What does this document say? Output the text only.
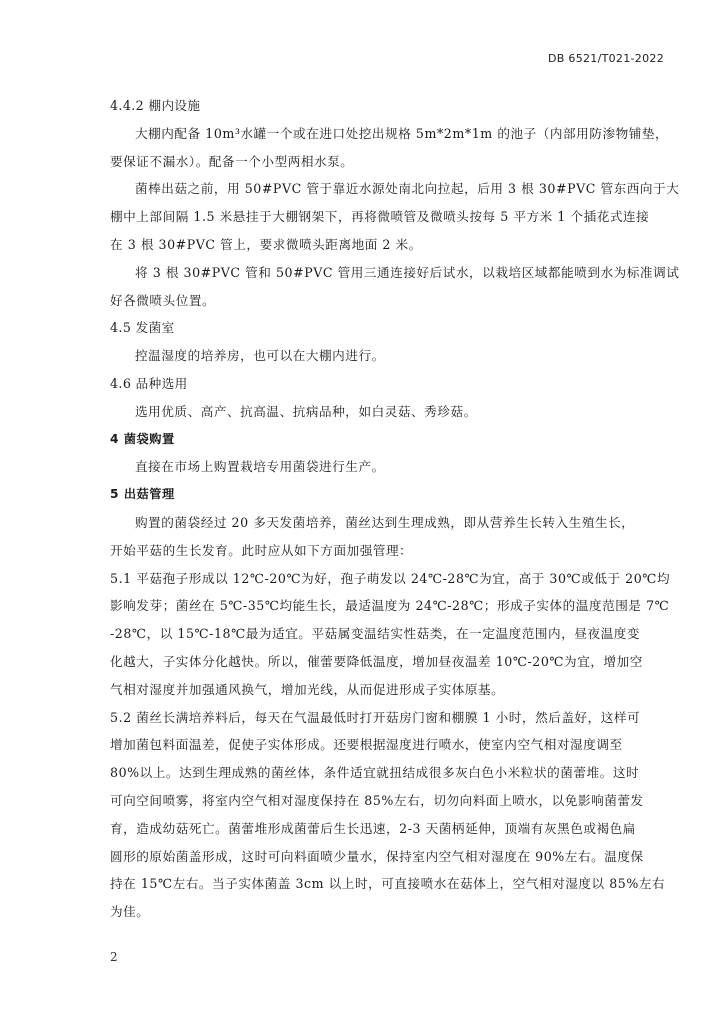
DB 6521/T021-2022
4.4.2 棚内设施
大棚内配备 10m³水罐一个或在进口处挖出规格 5m*2m*1m 的池子（内部用防渗物铺垫，
要保证不漏水）。配备一个小型两相水泵。
菌棒出菇之前，用 50#PVC 管于靠近水源处南北向拉起，后用 3 根 30#PVC 管东西向于大
棚中上部间隔 1.5 米悬挂于大棚钢架下，再将微喷管及微喷头按每 5 平方米 1 个插花式连接
在 3 根 30#PVC 管上，要求微喷头距离地面 2 米。
将 3 根 30#PVC 管和 50#PVC 管用三通连接好后试水，以栽培区域都能喷到水为标准调试
好各微喷头位置。
4.5 发菌室
控温湿度的培养房，也可以在大棚内进行。
4.6 品种选用
选用优质、高产、抗高温、抗病品种，如白灵菇、秀珍菇。
4 菌袋购置
直接在市场上购置栽培专用菌袋进行生产。
5 出菇管理
购置的菌袋经过 20 多天发菌培养，菌丝达到生理成熟，即从营养生长转入生殖生长，
开始平菇的生长发育。此时应从如下方面加强管理：
5.1 平菇孢子形成以 12℃-20℃为好，孢子萌发以 24℃-28℃为宜，高于 30℃或低于 20℃均
影响发芽；菌丝在 5℃-35℃均能生长，最适温度为 24℃-28℃；形成子实体的温度范围是 7℃
-28℃，以 15℃-18℃最为适宜。平菇属变温结实性菇类，在一定温度范围内，昼夜温度变
化越大，子实体分化越快。所以，催蕾要降低温度，增加昼夜温差 10℃-20℃为宜，增加空
气相对湿度并加强通风换气，增加光线，从而促进形成子实体原基。
5.2 菌丝长满培养料后，每天在气温最低时打开菇房门窗和棚膜 1 小时，然后盖好，这样可
增加菌包料面温差，促使子实体形成。还要根据湿度进行喷水，使室内空气相对湿度调至
80%以上。达到生理成熟的菌丝体，条件适宜就扭结成很多灰白色小米粒状的菌蕾堆。这时
可向空间喷雾，将室内空气相对湿度保持在 85%左右，切勿向料面上喷水，以免影响菌蕾发
育，造成幼菇死亡。菌蕾堆形成菌蕾后生长迅速，2-3 天菌柄延伸，顶端有灰黑色或褐色扁
圆形的原始菌盖形成，这时可向料面喷少量水，保持室内空气相对湿度在 90%左右。温度保
持在 15℃左右。当子实体菌盖 3cm 以上时，可直接喷水在菇体上，空气相对湿度以 85%左右
为佳。
2
